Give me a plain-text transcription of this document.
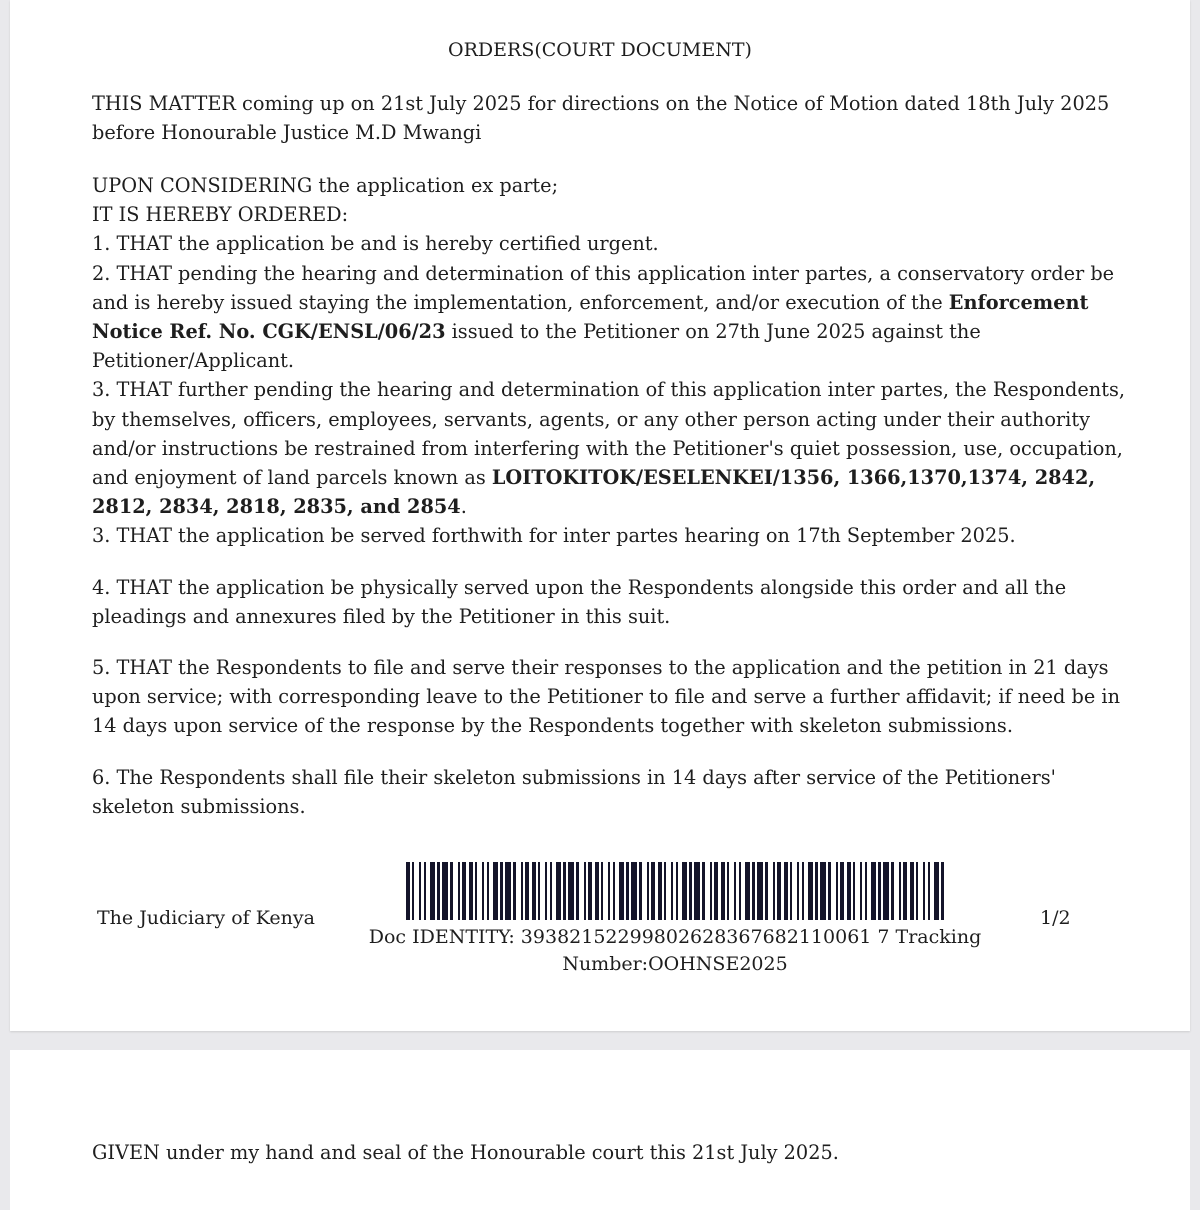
ORDERS(COURT DOCUMENT)

THIS MATTER coming up on 21st July 2025 for directions on the Notice of Motion dated 18th July 2025 before Honourable Justice M.D Mwangi

UPON CONSIDERING the application ex parte;

IT IS HEREBY ORDERED:

1. THAT the application be and is hereby certified urgent.

2. THAT pending the hearing and determination of this application inter partes, a conservatory order be and is hereby issued staying the implementation, enforcement, and/or execution of the Enforcement Notice Ref. No. CGK/ENSL/06/23 issued to the Petitioner on 27th June 2025 against the Petitioner/Applicant.

3. THAT further pending the hearing and determination of this application inter partes, the Respondents, by themselves, officers, employees, servants, agents, or any other person acting under their authority and/or instructions be restrained from interfering with the Petitioner's quiet possession, use, occupation, and enjoyment of land parcels known as LOITOKITOK/ESELENKEI/1356, 1366,1370,1374, 2842, 2812, 2834, 2818, 2835, and 2854.

3. THAT the application be served forthwith for inter partes hearing on 17th September 2025.

4. THAT the application be physically served upon the Respondents alongside this order and all the pleadings and annexures filed by the Petitioner in this suit.

5. THAT the Respondents to file and serve their responses to the application and the petition in 21 days upon service; with corresponding leave to the Petitioner to file and serve a further affidavit; if need be in 14 days upon service of the response by the Respondents together with skeleton submissions.

6. The Respondents shall file their skeleton submissions in 14 days after service of the Petitioners' skeleton submissions.

The Judiciary of Kenya
Doc IDENTITY: 39382152299802628367682110061 7 Tracking
Number:OOHNSE2025
1/2
GIVEN under my hand and seal of the Honourable court this 21st July 2025.
